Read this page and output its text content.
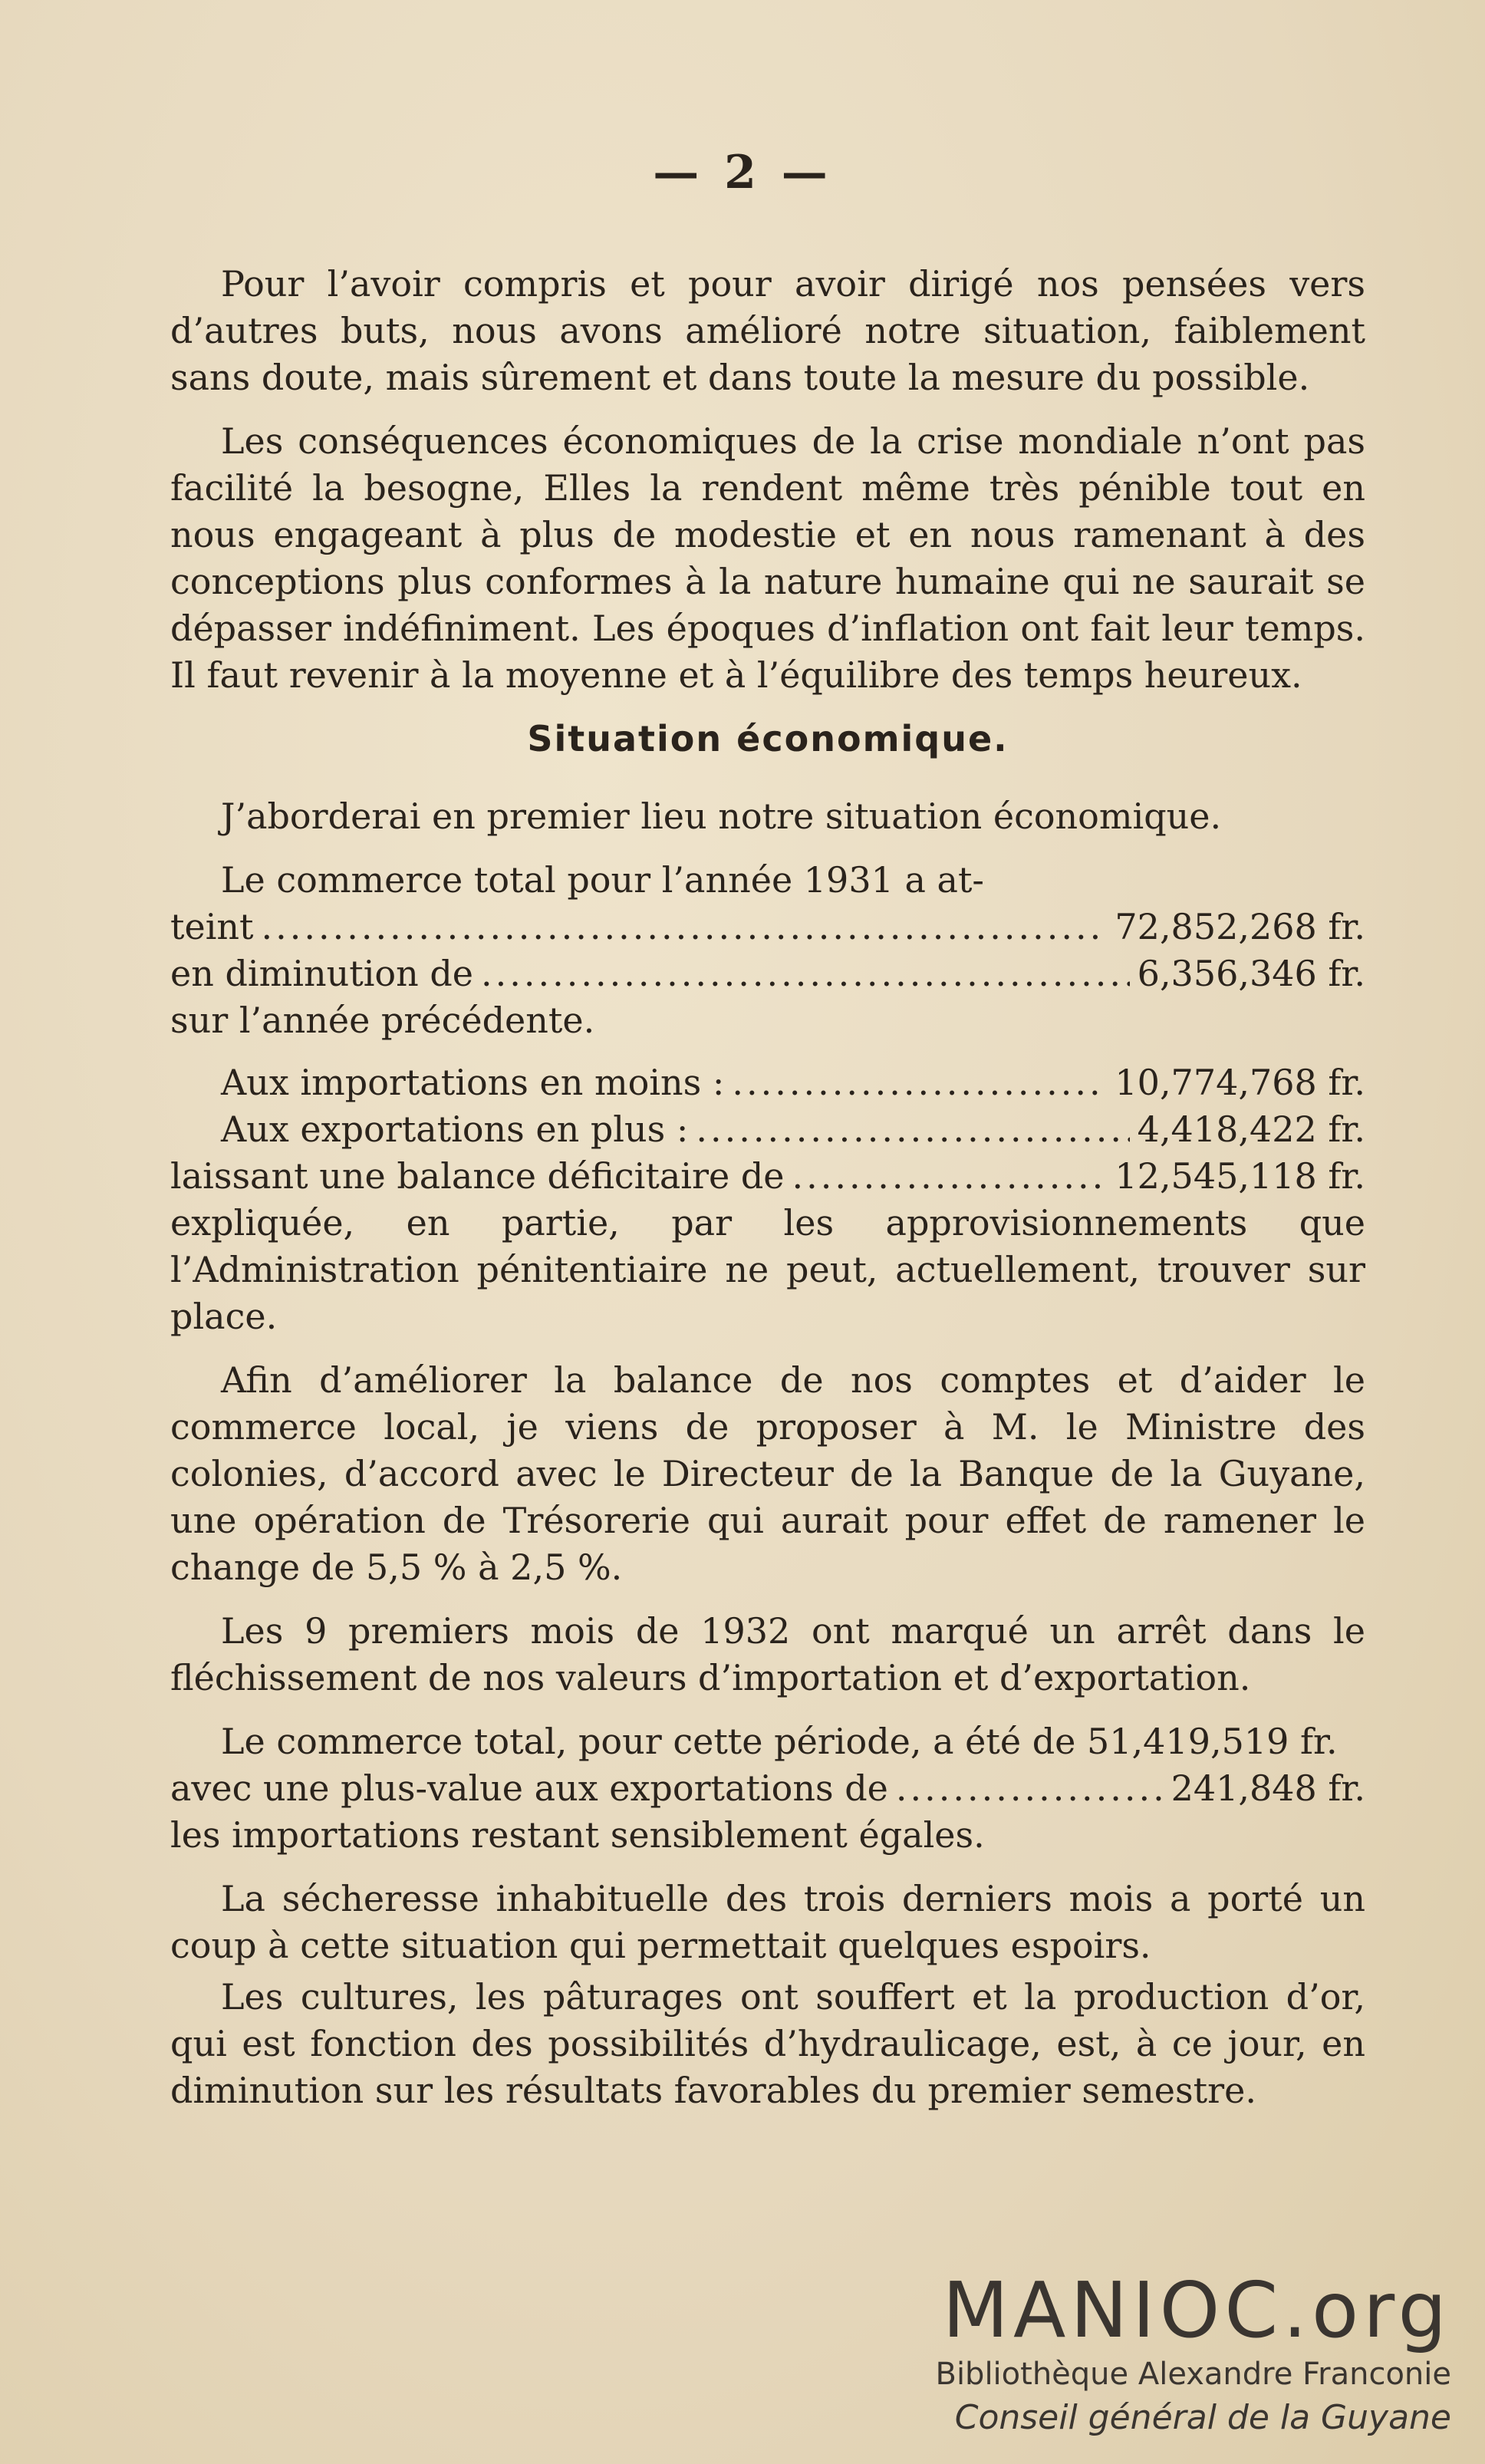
— 2 —

Pour l’avoir compris et pour avoir dirigé nos pensées vers d’autres buts, nous avons amélioré notre situation, faiblement sans doute, mais sûrement et dans toute la mesure du possible.

Les conséquences économiques de la crise mondiale n’ont pas facilité la besogne, Elles la rendent même très pénible tout en nous engageant à plus de modestie et en nous ramenant à des conceptions plus conformes à la nature humaine qui ne saurait se dépasser indéfiniment. Les époques d’inflation ont fait leur temps. Il faut revenir à la moyenne et à l’équilibre des temps heureux.

Situation économique.

J’aborderai en premier lieu notre situation économique.

Le commerce total pour l’année 1931 a at-
teint .....	72,852,268 fr.
en diminution de .....	6,356,346 fr.
sur l’année précédente.
Aux importations en moins : .....	10,774,768 fr.
Aux exportations en plus : .....	4,418,422 fr.
laissant une balance déficitaire de .....	12,545,118 fr.

expliquée, en partie, par les approvisionnements que l’Administration pénitentiaire ne peut, actuellement, trouver sur place.

Afin d’améliorer la balance de nos comptes et d’aider le commerce local, je viens de proposer à M. le Ministre des colonies, d’accord avec le Directeur de la Banque de la Guyane, une opération de Trésorerie qui aurait pour effet de ramener le change de 5,5 % à 2,5 %.

Les 9 premiers mois de 1932 ont marqué un arrêt dans le fléchissement de nos valeurs d’importation et d’exportation.

Le commerce total, pour cette période, a été de 51,419,519 fr.
avec une plus-value aux exportations de .....	241,848 fr.
les importations restant sensiblement égales.

La sécheresse inhabituelle des trois derniers mois a porté un coup à cette situation qui permettait quelques espoirs.

Les cultures, les pâturages ont souffert et la production d’or, qui est fonction des possibilités d’hydraulicage, est, à ce jour, en diminution sur les résultats favorables du premier semestre.

MANIOC.org
Bibliothèque Alexandre Franconie
Conseil général de la Guyane
